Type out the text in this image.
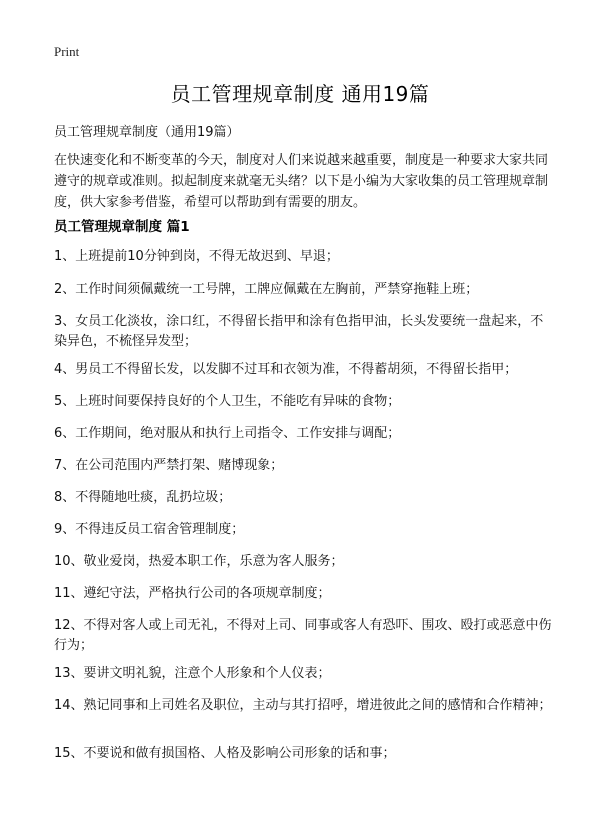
Print
员工管理规章制度 通用19篇
员工管理规章制度（通用19篇）
在快速变化和不断变革的今天，制度对人们来说越来越重要，制度是一种要求大家共同遵守的规章或准则。拟起制度来就毫无头绪？以下是小编为大家收集的员工管理规章制度，供大家参考借鉴，希望可以帮助到有需要的朋友。
员工管理规章制度 篇1
1、上班提前10分钟到岗，不得无故迟到、早退；
2、工作时间须佩戴统一工号牌，工牌应佩戴在左胸前，严禁穿拖鞋上班；
3、女员工化淡妆，涂口红，不得留长指甲和涂有色指甲油，长头发要统一盘起来，不染异色，不梳怪异发型；
4、男员工不得留长发，以发脚不过耳和衣领为准，不得蓄胡须，不得留长指甲；
5、上班时间要保持良好的个人卫生，不能吃有异味的食物；
6、工作期间，绝对服从和执行上司指令、工作安排与调配；
7、在公司范围内严禁打架、赌博现象；
8、不得随地吐痰，乱扔垃圾；
9、不得违反员工宿舍管理制度；
10、敬业爱岗，热爱本职工作，乐意为客人服务；
11、遵纪守法，严格执行公司的各项规章制度；
12、不得对客人或上司无礼，不得对上司、同事或客人有恐吓、围攻、殴打或恶意中伤行为；
13、要讲文明礼貌，注意个人形象和个人仪表；
14、熟记同事和上司姓名及职位，主动与其打招呼，增进彼此之间的感情和合作精神；
15、不要说和做有损国格、人格及影响公司形象的话和事；
